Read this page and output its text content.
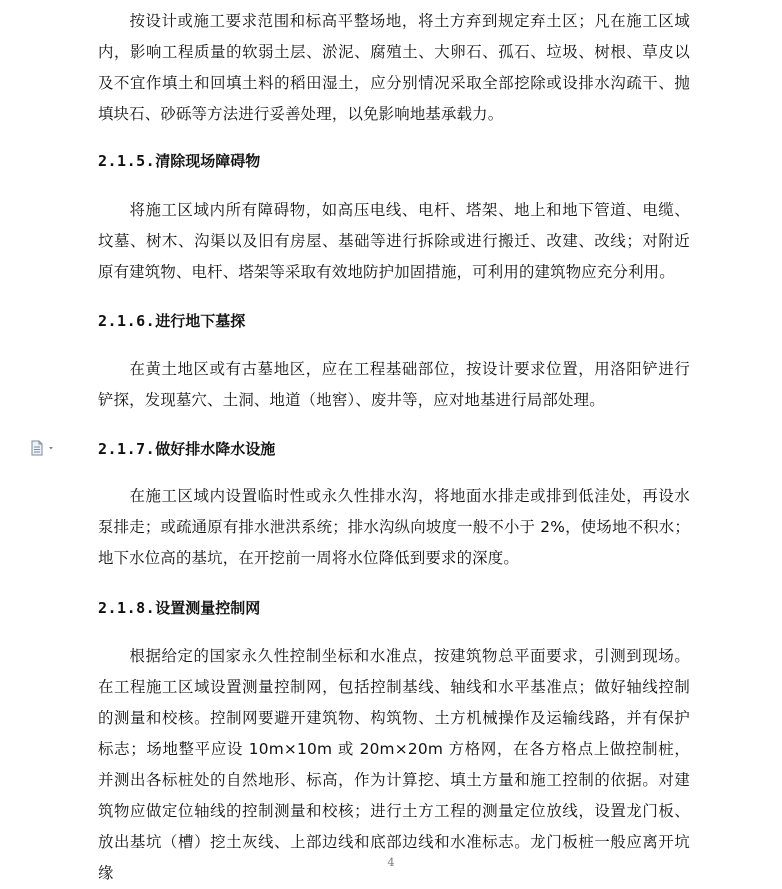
按设计或施工要求范围和标高平整场地，将土方弃到规定弃土区；凡在施工区域内，影响工程质量的软弱土层、淤泥、腐殖土、大卵石、孤石、垃圾、树根、草皮以及不宜作填土和回填土料的稻田湿土，应分别情况采取全部挖除或设排水沟疏干、抛填块石、砂砾等方法进行妥善处理，以免影响地基承载力。

2.1.5.清除现场障碍物

将施工区域内所有障碍物，如高压电线、电杆、塔架、地上和地下管道、电缆、坟墓、树木、沟渠以及旧有房屋、基础等进行拆除或进行搬迁、改建、改线；对附近原有建筑物、电杆、塔架等采取有效地防护加固措施，可利用的建筑物应充分利用。

2.1.6.进行地下墓探

在黄土地区或有古墓地区，应在工程基础部位，按设计要求位置，用洛阳铲进行铲探，发现墓穴、土洞、地道（地窖）、废井等，应对地基进行局部处理。

2.1.7.做好排水降水设施

在施工区域内设置临时性或永久性排水沟，将地面水排走或排到低洼处，再设水泵排走；或疏通原有排水泄洪系统；排水沟纵向坡度一般不小于 2%，使场地不积水；地下水位高的基坑，在开挖前一周将水位降低到要求的深度。

2.1.8.设置测量控制网

根据给定的国家永久性控制坐标和水准点，按建筑物总平面要求，引测到现场。在工程施工区域设置测量控制网，包括控制基线、轴线和水平基准点；做好轴线控制的测量和校核。控制网要避开建筑物、构筑物、土方机械操作及运输线路，并有保护标志；场地整平应设 10m×10m 或 20m×20m 方格网，在各方格点上做控制桩，并测出各标桩处的自然地形、标高，作为计算挖、填土方量和施工控制的依据。对建筑物应做定位轴线的控制测量和校核；进行土方工程的测量定位放线，设置龙门板、放出基坑（槽）挖土灰线、上部边线和底部边线和水准标志。龙门板桩一般应离开坑缘

4
